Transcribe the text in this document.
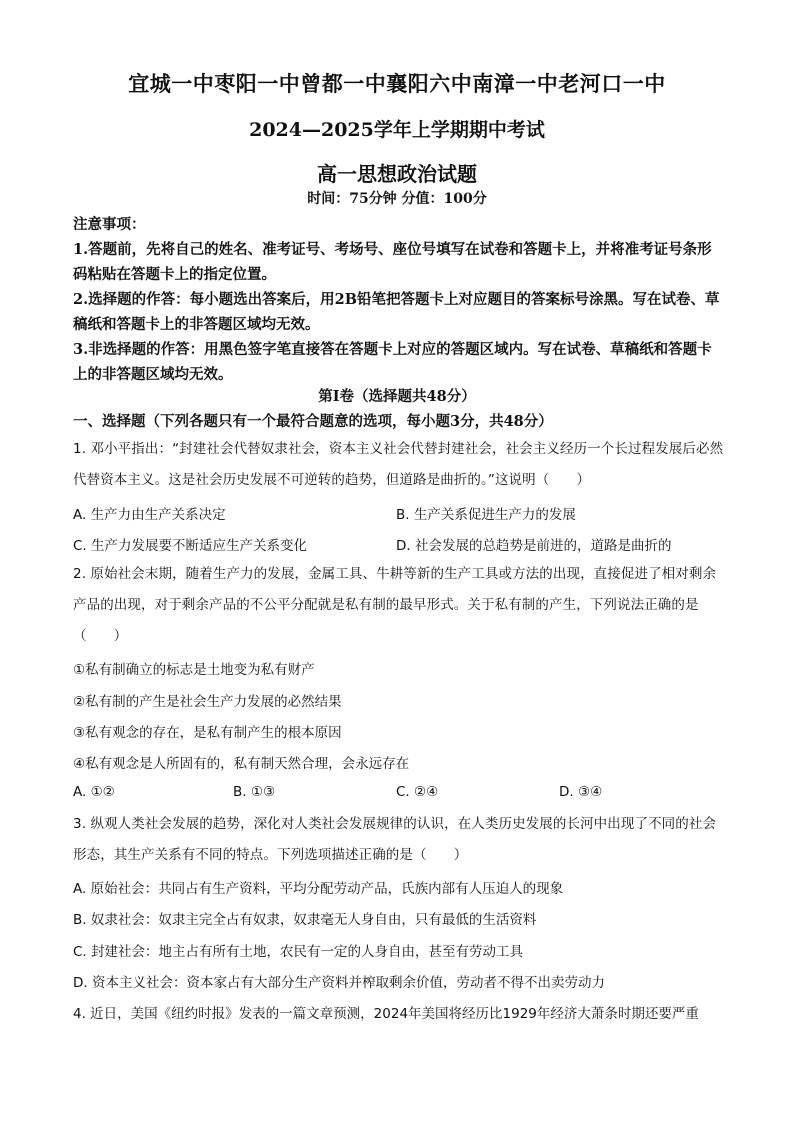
宜城一中枣阳一中曾都一中襄阳六中南漳一中老河口一中
2024—2025学年上学期期中考试
高一思想政治试题
时间：75分钟 分值：100分
注意事项：
1.答题前，先将自己的姓名、准考证号、考场号、座位号填写在试卷和答题卡上，并将准考证号条形码粘贴在答题卡上的指定位置。
2.选择题的作答：每小题选出答案后，用2B铅笔把答题卡上对应题目的答案标号涂黑。写在试卷、草稿纸和答题卡上的非答题区域均无效。
3.非选择题的作答：用黑色签字笔直接答在答题卡上对应的答题区域内。写在试卷、草稿纸和答题卡上的非答题区域均无效。
第Ⅰ卷（选择题共48分）
一、选择题（下列各题只有一个最符合题意的选项，每小题3分，共48分）
1. 邓小平指出：“封建社会代替奴隶社会，资本主义社会代替封建社会，社会主义经历一个长过程发展后必然代替资本主义。这是社会历史发展不可逆转的趋势，但道路是曲折的。”这说明（　　）
A. 生产力由生产关系决定	B. 生产关系促进生产力的发展
C. 生产力发展要不断适应生产关系变化	D. 社会发展的总趋势是前进的，道路是曲折的
2. 原始社会末期，随着生产力的发展，金属工具、牛耕等新的生产工具或方法的出现，直接促进了相对剩余产品的出现，对于剩余产品的不公平分配就是私有制的最早形式。关于私有制的产生，下列说法正确的是（　　）
①私有制确立的标志是土地变为私有财产
②私有制的产生是社会生产力发展的必然结果
③私有观念的存在，是私有制产生的根本原因
④私有观念是人所固有的，私有制天然合理，会永远存在
A. ①②	B. ①③	C. ②④	D. ③④
3. 纵观人类社会发展的趋势，深化对人类社会发展规律的认识，在人类历史发展的长河中出现了不同的社会形态，其生产关系有不同的特点。下列选项描述正确的是（　　）
A. 原始社会：共同占有生产资料，平均分配劳动产品，氏族内部有人压迫人的现象
B. 奴隶社会：奴隶主完全占有奴隶，奴隶毫无人身自由，只有最低的生活资料
C. 封建社会：地主占有所有土地，农民有一定的人身自由，甚至有劳动工具
D. 资本主义社会：资本家占有大部分生产资料并榨取剩余价值，劳动者不得不出卖劳动力
4. 近日，美国《纽约时报》发表的一篇文章预测，2024年美国将经历比1929年经济大萧条时期还要严重
